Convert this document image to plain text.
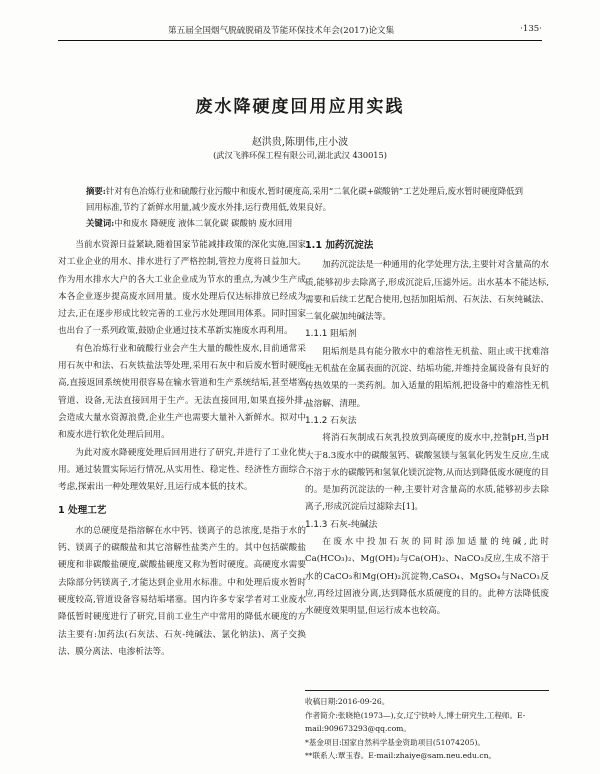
第五届全国烟气脱硫脱硝及节能环保技术年会(2017)论文集	·135·
废水降硬度回用应用实践
赵洪贵,陈朋伟,庄小波
(武汉飞骅环保工程有限公司,湖北武汉 430015)

摘要:针对有色冶炼行业和硫酸行业污酸中和废水,暂时硬度高,采用“二氧化碳+碳酸钠”工艺处理后,废水暂时硬度降低到回用标准,节约了新鲜水用量,减少废水外排,运行费用低,效果良好。

关键词:中和废水 降硬度 液体二氧化碳 碳酸钠 废水回用

当前水资源日益紧缺,随着国家节能减排政策的深化实施,国家对工业企业的用水、排水进行了严格控制,管控力度将日益加大。作为用水排水大户的各大工业企业成为节水的重点,为减少生产成本各企业逐步提高废水回用量。废水处理后仅达标排放已经成为过去,正在逐步形成比较完善的工业污水处理回用体系。同时国家也出台了一系列政策,鼓励企业通过技术革新实施废水再利用。

有色冶炼行业和硫酸行业会产生大量的酸性废水,目前通常采用石灰中和法、石灰铁盐法等处理,采用石灰中和后废水暂时硬度高,直接返回系统使用很容易在输水管道和生产系统结垢,甚至堵塞管道、设备,无法直接回用于生产。无法直接回用,如果直接外排,会造成大量水资源浪费,企业生产也需要大量补入新鲜水。拟对中和废水进行软化处理后回用。

为此对废水降硬度处理后回用进行了研究,并进行了工业化使用。通过装置实际运行情况,从实用性、稳定性、经济性方面综合考虑,探索出一种处理效果好,且运行成本低的技术。

1 处理工艺

水的总硬度是指溶解在水中钙、镁离子的总浓度,是指于水的钙、镁离子的碳酸盐和其它溶解性盐类产生的。其中包括碳酸盐硬度和非碳酸盐硬度,碳酸盐硬度又称为暂时硬度。高硬度水需要去除部分钙镁离子,才能达到企业用水标准。中和处理后废水暂时硬度较高,管道设备容易结垢堵塞。国内许多专家学者对工业废水降低暂时硬度进行了研究,目前工业生产中常用的降低水硬度的方法主要有:加药法(石灰法、石灰-纯碱法、氯化钠法)、离子交换法、膜分离法、电渗析法等。

1.1 加药沉淀法

加药沉淀法是一种通用的化学处理方法,主要针对含量高的水质,能够初步去除离子,形成沉淀后,压滤外运。出水基本不能达标,需要和后续工艺配合使用,包括加阻垢剂、石灰法、石灰纯碱法、二氧化碳加纯碱法等。

1.1.1 阻垢剂

阻垢剂是具有能分散水中的难溶性无机盐、阻止或干扰难溶性无机盐在金属表面的沉淀、结垢功能,并维持金属设备有良好的传热效果的一类药剂。加入适量的阻垢剂,把设备中的难溶性无机盐溶解、清理。

1.1.2 石灰法

将消石灰制成石灰乳投放到高硬度的废水中,控制pH,当pH大于8.3废水中的碳酸氢钙、碳酸氢镁与氢氧化钙发生反应,生成不溶于水的碳酸钙和氢氧化镁沉淀物,从而达到降低废水硬度的目的。是加药沉淀法的一种,主要针对含量高的水质,能够初步去除离子,形成沉淀后过滤除去[1]。

1.1.3 石灰-纯碱法

在废水中投加石灰的同时添加适量的纯碱,此时Ca(HCO₃)₂、Mg(OH)₂与Ca(OH)₂、NaCO₃反应,生成不溶于水的CaCO₃和Mg(OH)₂沉淀物,CaSO₄、MgSO₄与NaCO₃反应,再经过固液分离,达到降低水质硬度的目的。此种方法降低废水硬度效果明显,但运行成本也较高。

收稿日期:2016-09-26。
作者简介:张晓艳(1973—),女,辽宁铁岭人,博士研究生,工程师。E-mail:909673293@qq.com。
*基金项目:国家自然科学基金资助项目(51074205)。
**联系人:覃玉春。E-mail:zhaiye@sam.neu.edu.cn。
